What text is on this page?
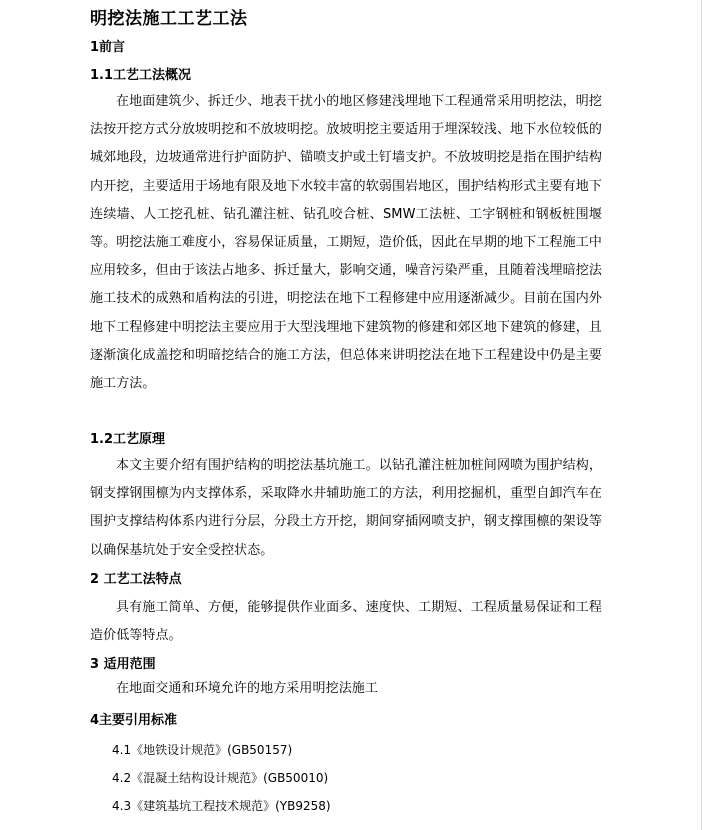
明挖法施工工艺工法
1前言
1.1工艺工法概况

在地面建筑少、拆迁少、地表干扰小的地区修建浅埋地下工程通常采用明挖法，明挖法按开挖方式分放坡明挖和不放坡明挖。放坡明挖主要适用于埋深较浅、地下水位较低的城郊地段，边坡通常进行护面防护、锚喷支护或土钉墙支护。不放坡明挖是指在围护结构内开挖，主要适用于场地有限及地下水较丰富的软弱围岩地区，围护结构形式主要有地下连续墙、人工挖孔桩、钻孔灌注桩、钻孔咬合桩、SMW工法桩、工字钢桩和钢板桩围堰等。明挖法施工难度小，容易保证质量，工期短，造价低，因此在早期的地下工程施工中应用较多，但由于该法占地多、拆迁量大，影响交通，噪音污染严重，且随着浅埋暗挖法施工技术的成熟和盾构法的引进，明挖法在地下工程修建中应用逐渐减少。目前在国内外地下工程修建中明挖法主要应用于大型浅埋地下建筑物的修建和郊区地下建筑的修建，且逐渐演化成盖挖和明暗挖结合的施工方法，但总体来讲明挖法在地下工程建设中仍是主要施工方法。

1.2工艺原理

本文主要介绍有围护结构的明挖法基坑施工。以钻孔灌注桩加桩间网喷为围护结构，钢支撑钢围檩为内支撑体系，采取降水井辅助施工的方法，利用挖掘机，重型自卸汽车在围护支撑结构体系内进行分层，分段土方开挖，期间穿插网喷支护，钢支撑围檩的架设等以确保基坑处于安全受控状态。

2 工艺工法特点

具有施工简单、方便，能够提供作业面多、速度快、工期短、工程质量易保证和工程造价低等特点。

3 适用范围

在地面交通和环境允许的地方采用明挖法施工

4主要引用标准
4.1《地铁设计规范》(GB50157)
4.2《混凝土结构设计规范》(GB50010)
4.3《建筑基坑工程技术规范》(YB9258)
